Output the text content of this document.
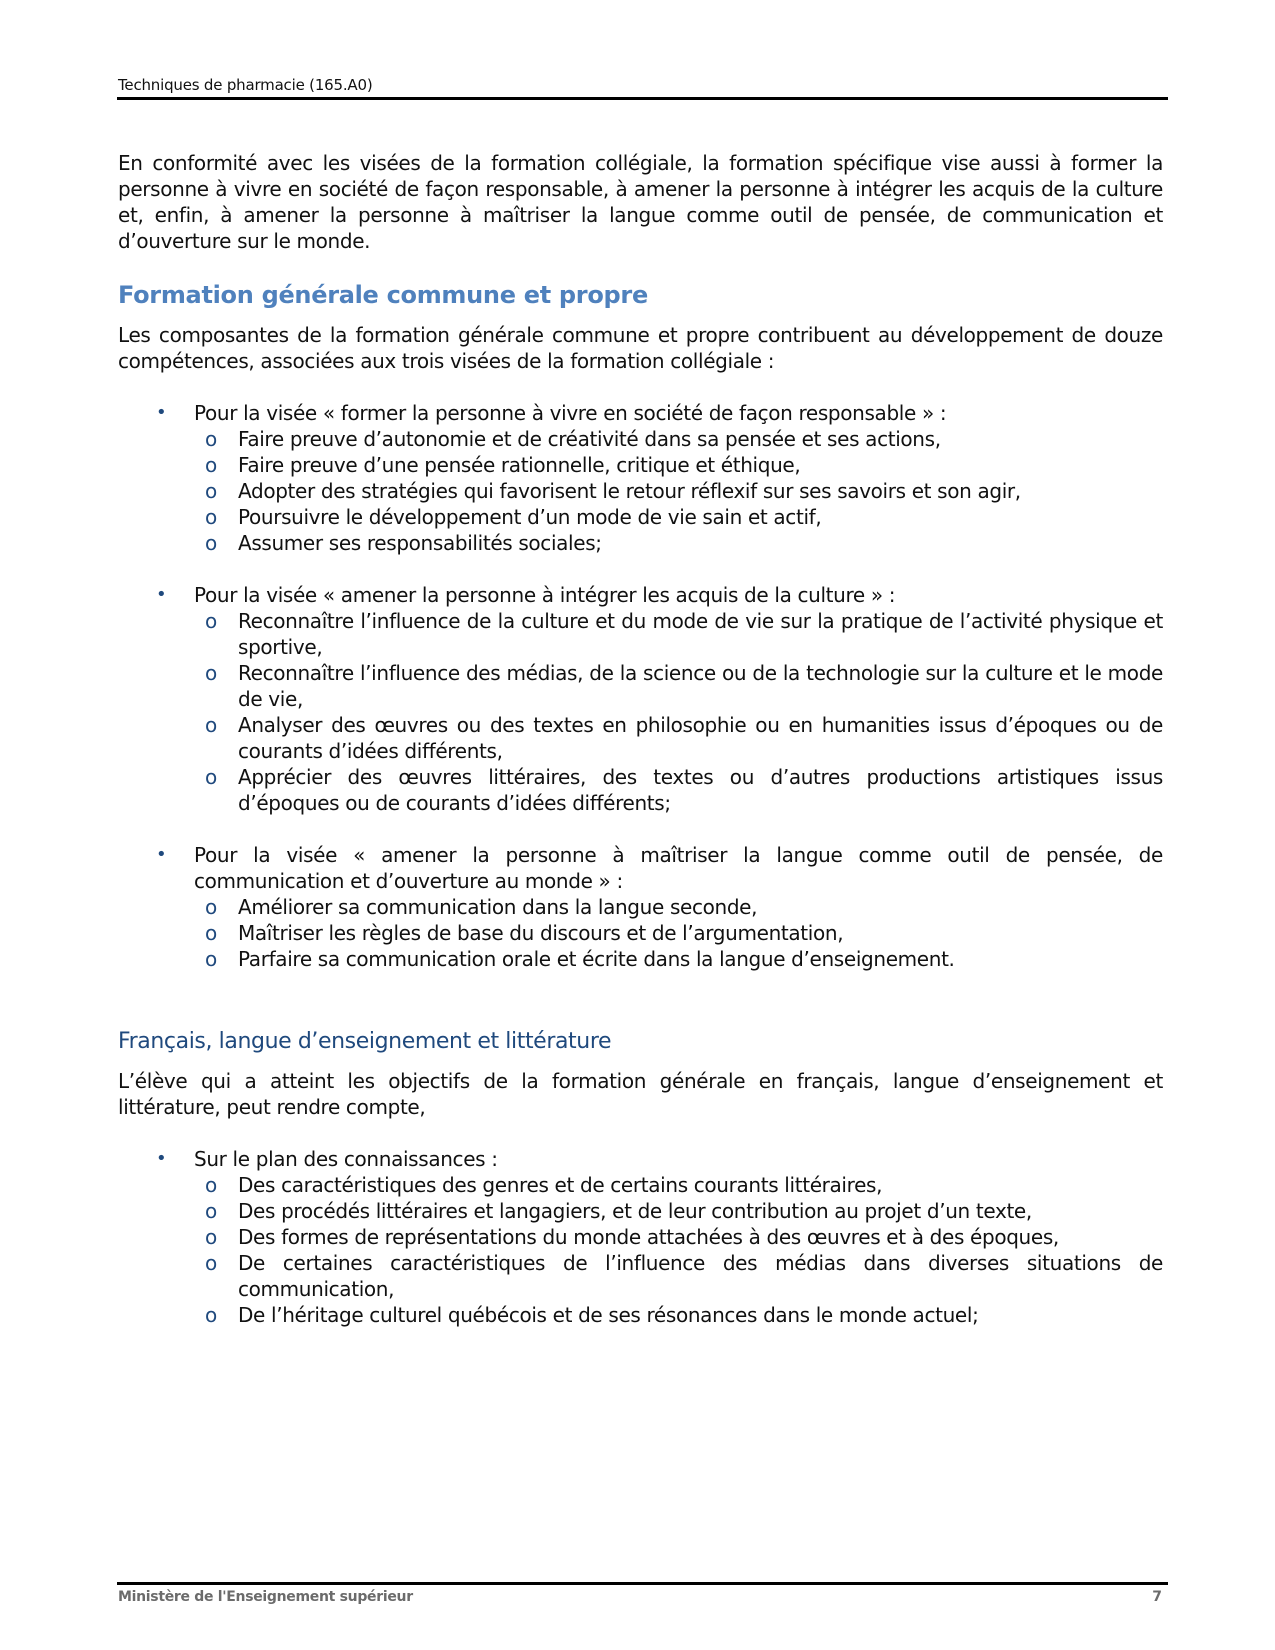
Techniques de pharmacie (165.A0)

En conformité avec les visées de la formation collégiale, la formation spécifique vise aussi à former la personne à vivre en société de façon responsable, à amener la personne à intégrer les acquis de la culture et, enfin, à amener la personne à maîtriser la langue comme outil de pensée, de communication et d’ouverture sur le monde.

Formation générale commune et propre

Les composantes de la formation générale commune et propre contribuent au développement de douze compétences, associées aux trois visées de la formation collégiale :

• Pour la visée « former la personne à vivre en société de façon responsable » :
o Faire preuve d’autonomie et de créativité dans sa pensée et ses actions,
o Faire preuve d’une pensée rationnelle, critique et éthique,
o Adopter des stratégies qui favorisent le retour réflexif sur ses savoirs et son agir,
o Poursuivre le développement d’un mode de vie sain et actif,
o Assumer ses responsabilités sociales;
• Pour la visée « amener la personne à intégrer les acquis de la culture » :
o Reconnaître l’influence de la culture et du mode de vie sur la pratique de l’activité physique et sportive,
o Reconnaître l’influence des médias, de la science ou de la technologie sur la culture et le mode de vie,
o Analyser des œuvres ou des textes en philosophie ou en humanities issus d’époques ou de courants d’idées différents,
o Apprécier des œuvres littéraires, des textes ou d’autres productions artistiques issus d’époques ou de courants d’idées différents;
• Pour la visée « amener la personne à maîtriser la langue comme outil de pensée, de communication et d’ouverture au monde » :
o Améliorer sa communication dans la langue seconde,
o Maîtriser les règles de base du discours et de l’argumentation,
o Parfaire sa communication orale et écrite dans la langue d’enseignement.
Français, langue d’enseignement et littérature

L’élève qui a atteint les objectifs de la formation générale en français, langue d’enseignement et littérature, peut rendre compte,

• Sur le plan des connaissances :
o Des caractéristiques des genres et de certains courants littéraires,
o Des procédés littéraires et langagiers, et de leur contribution au projet d’un texte,
o Des formes de représentations du monde attachées à des œuvres et à des époques,
o De certaines caractéristiques de l’influence des médias dans diverses situations de communication,
o De l’héritage culturel québécois et de ses résonances dans le monde actuel;
Ministère de l'Enseignement supérieur	7
